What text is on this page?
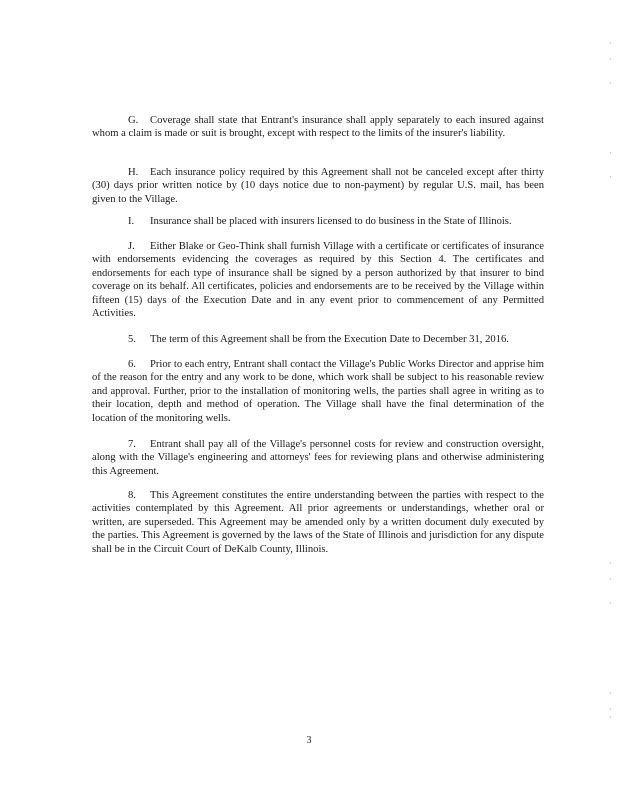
G. Coverage shall state that Entrant's insurance shall apply separately to each insured against whom a claim is made or suit is brought, except with respect to the limits of the insurer's liability.

H. Each insurance policy required by this Agreement shall not be canceled except after thirty (30) days prior written notice by (10 days notice due to non-payment) by regular U.S. mail, has been given to the Village.

I. Insurance shall be placed with insurers licensed to do business in the State of Illinois.

J. Either Blake or Geo-Think shall furnish Village with a certificate or certificates of insurance with endorsements evidencing the coverages as required by this Section 4. The certificates and endorsements for each type of insurance shall be signed by a person authorized by that insurer to bind coverage on its behalf. All certificates, policies and endorsements are to be received by the Village within fifteen (15) days of the Execution Date and in any event prior to commencement of any Permitted Activities.

5. The term of this Agreement shall be from the Execution Date to December 31, 2016.

6. Prior to each entry, Entrant shall contact the Village's Public Works Director and apprise him of the reason for the entry and any work to be done, which work shall be subject to his reasonable review and approval. Further, prior to the installation of monitoring wells, the parties shall agree in writing as to their location, depth and method of operation. The Village shall have the final determination of the location of the monitoring wells.

7. Entrant shall pay all of the Village's personnel costs for review and construction oversight, along with the Village's engineering and attorneys' fees for reviewing plans and otherwise administering this Agreement.

8. This Agreement constitutes the entire understanding between the parties with respect to the activities contemplated by this Agreement. All prior agreements or understandings, whether oral or written, are superseded. This Agreement may be amended only by a written document duly executed by the parties. This Agreement is governed by the laws of the State of Illinois and jurisdiction for any dispute shall be in the Circuit Court of DeKalb County, Illinois.

3
·

·

·
·

·
·

·

·
·

·
·
